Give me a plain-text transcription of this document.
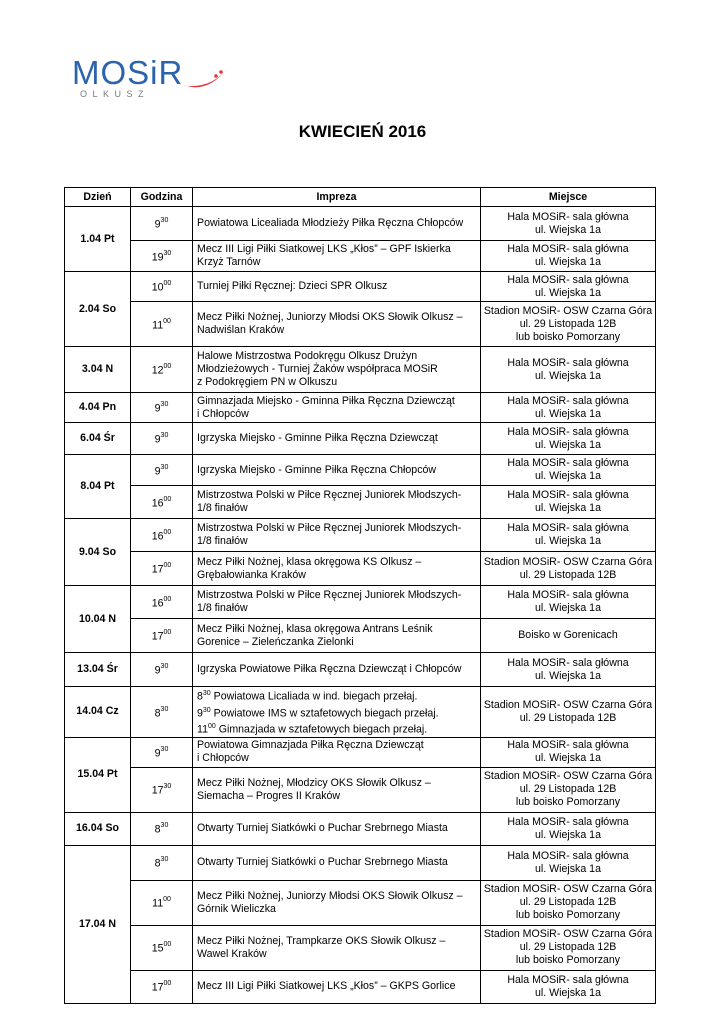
MOSiR
OLKUSZ
KWIECIEŃ 2016
Dzień	Godzina	Impreza	Miejsce
1.04 Pt	$9^{30}$	Powiatowa Licealiada Młodzieży Piłka Ręczna Chłopców	Hala MOSiR- sala główna
ul. Wiejska 1a

	$19^{30}$	Mecz III Ligi Piłki Siatkowej LKS „Kłos” – GPF Iskierka
Krzyż Tarnów	Hala MOSiR- sala główna
ul. Wiejska 1a

2.04 So	$10^{00}$	Turniej Piłki Ręcznej: Dzieci SPR Olkusz	Hala MOSiR- sala główna
ul. Wiejska 1a

	$11^{00}$	Mecz Piłki Nożnej, Juniorzy Młodsi OKS Słowik Olkusz –
Nadwiślan Kraków	Stadion MOSiR- OSW Czarna Góra
ul. 29 Listopada 12B
lub boisko Pomorzany

3.04 N	$12^{00}$	Halowe Mistrzostwa Podokręgu Olkusz Drużyn
Młodzieżowych - Turniej Żaków współpraca MOSiR
z Podokręgiem PN w Olkuszu	Hala MOSiR- sala główna
ul. Wiejska 1a

4.04 Pn	$9^{30}$	Gimnazjada Miejsko - Gminna Piłka Ręczna Dziewcząt
i Chłopców	Hala MOSiR- sala główna
ul. Wiejska 1a

6.04 Śr	$9^{30}$	Igrzyska Miejsko - Gminne Piłka Ręczna Dziewcząt	Hala MOSiR- sala główna
ul. Wiejska 1a

8.04 Pt	$9^{30}$	Igrzyska Miejsko - Gminne Piłka Ręczna Chłopców	Hala MOSiR- sala główna
ul. Wiejska 1a

	$16^{00}$	Mistrzostwa Polski w Piłce Ręcznej Juniorek Młodszych-
1/8 finałów	Hala MOSiR- sala główna
ul. Wiejska 1a

9.04 So	$16^{00}$	Mistrzostwa Polski w Piłce Ręcznej Juniorek Młodszych-
1/8 finałów	Hala MOSiR- sala główna
ul. Wiejska 1a

	$17^{00}$	Mecz Piłki Nożnej, klasa okręgowa KS Olkusz –
Grębałowianka Kraków	Stadion MOSiR- OSW Czarna Góra
ul. 29 Listopada 12B

10.04 N	$16^{00}$	Mistrzostwa Polski w Piłce Ręcznej Juniorek Młodszych-
1/8 finałów	Hala MOSiR- sala główna
ul. Wiejska 1a

	$17^{00}$	Mecz Piłki Nożnej, klasa okręgowa Antrans Leśnik
Gorenice – Zieleńczanka Zielonki	Boisko w Gorenicach

13.04 Śr	$9^{30}$	Igrzyska Powiatowe Piłka Ręczna Dziewcząt i Chłopców	Hala MOSiR- sala główna
ul. Wiejska 1a

14.04 Cz	$8^{30}$	$8^{30}$ Powiatowa Licaliada w ind. biegach przełaj.
$9^{30}$ Powiatowe IMS w sztafetowych biegach przełaj.
$11^{00}$ Gimnazjada w sztafetowych biegach przełaj.	Stadion MOSiR- OSW Czarna Góra
ul. 29 Listopada 12B

15.04 Pt	$9^{30}$	Powiatowa Gimnazjada Piłka Ręczna Dziewcząt
i Chłopców	Hala MOSiR- sala główna
ul. Wiejska 1a

	$17^{30}$	Mecz Piłki Nożnej, Młodzicy OKS Słowik Olkusz –
Siemacha – Progres II Kraków	Stadion MOSiR- OSW Czarna Góra
ul. 29 Listopada 12B
lub boisko Pomorzany

16.04 So	$8^{30}$	Otwarty Turniej Siatkówki o Puchar Srebrnego Miasta	Hala MOSiR- sala główna
ul. Wiejska 1a

17.04 N	$8^{30}$	Otwarty Turniej Siatkówki o Puchar Srebrnego Miasta	Hala MOSiR- sala główna
ul. Wiejska 1a

	$11^{00}$	Mecz Piłki Nożnej, Juniorzy Młodsi OKS Słowik Olkusz –
Górnik Wieliczka	Stadion MOSiR- OSW Czarna Góra
ul. 29 Listopada 12B
lub boisko Pomorzany

	$15^{00}$	Mecz Piłki Nożnej, Trampkarze OKS Słowik Olkusz –
Wawel Kraków	Stadion MOSiR- OSW Czarna Góra
ul. 29 Listopada 12B
lub boisko Pomorzany

	$17^{00}$	Mecz III Ligi Piłki Siatkowej LKS „Kłos” – GKPS Gorlice	Hala MOSiR- sala główna
ul. Wiejska 1a
